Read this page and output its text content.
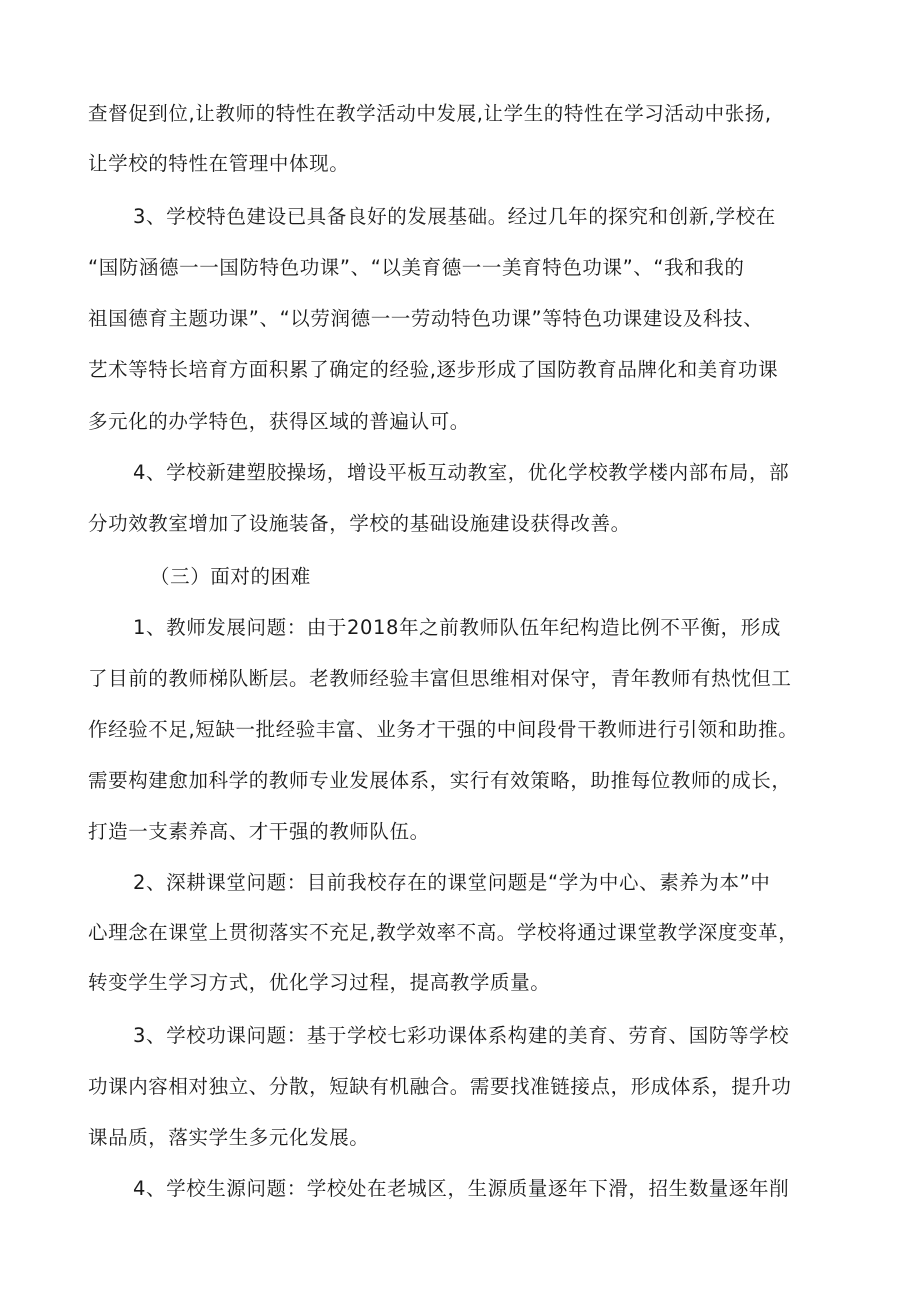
查督促到位,让教师的特性在教学活动中发展,让学生的特性在学习活动中张扬,
让学校的特性在管理中体现。
3、学校特色建设已具备良好的发展基础。经过几年的探究和创新,学校在
“国防涵德一一国防特色功课”、“以美育德一一美育特色功课”、“我和我的
祖国德育主题功课”、“以劳润德一一劳动特色功课”等特色功课建设及科技、
艺术等特长培育方面积累了确定的经验,逐步形成了国防教育品牌化和美育功课
多元化的办学特色，获得区域的普遍认可。
4、学校新建塑胶操场，增设平板互动教室，优化学校教学楼内部布局，部
分功效教室增加了设施装备，学校的基础设施建设获得改善。
（三）面对的困难
1、教师发展问题：由于2018年之前教师队伍年纪构造比例不平衡，形成
了目前的教师梯队断层。老教师经验丰富但思维相对保守，青年教师有热忱但工
作经验不足,短缺一批经验丰富、业务才干强的中间段骨干教师进行引领和助推。
需要构建愈加科学的教师专业发展体系，实行有效策略，助推每位教师的成长，
打造一支素养高、才干强的教师队伍。
2、深耕课堂问题：目前我校存在的课堂问题是“学为中心、素养为本”中
心理念在课堂上贯彻落实不充足,教学效率不高。学校将通过课堂教学深度变革，
转变学生学习方式，优化学习过程，提高教学质量。
3、学校功课问题：基于学校七彩功课体系构建的美育、劳育、国防等学校
功课内容相对独立、分散，短缺有机融合。需要找准链接点，形成体系，提升功
课品质，落实学生多元化发展。
4、学校生源问题：学校处在老城区，生源质量逐年下滑，招生数量逐年削
